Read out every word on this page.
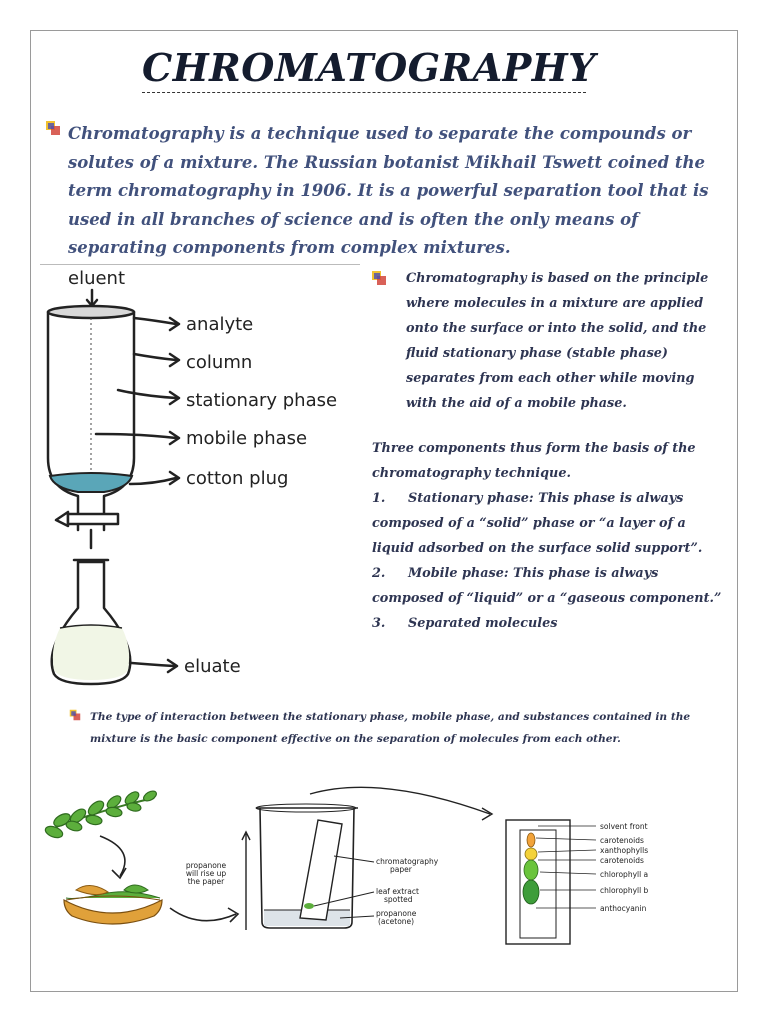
CHROMATOGRAPHY

Chromatography is a technique used to separate the compounds or solutes of a mixture. The Russian botanist Mikhail Tswett coined the term chromatography in 1906. It is a powerful separation tool that is used in all branches of science and is often the only means of separating components from complex mixtures.

eluent
analyte
column
stationary phase
mobile phase
cotton plug
eluate

Chromatography is based on the principle where molecules in a mixture are applied onto the surface or into the solid, and the fluid stationary phase (stable phase) separates from each other while moving with the aid of a mobile phase.

Three components thus form the basis of the chromatography technique.

1. Stationary phase: This phase is always composed of a “solid” phase or “a layer of a liquid adsorbed on the surface solid support”.

2. Mobile phase: This phase is always composed of “liquid” or a “gaseous component.”

3. Separated molecules

The type of interaction between the stationary phase, mobile phase, and substances contained in the mixture is the basic component effective on the separation of molecules from each other.

propanone
will rise up
the paper
chromatography
paper
leaf extract
spotted
propanone
(acetone)
solvent front
carotenoids
xanthophylls
carotenoids
chlorophyll a
chlorophyll b
anthocyanin
